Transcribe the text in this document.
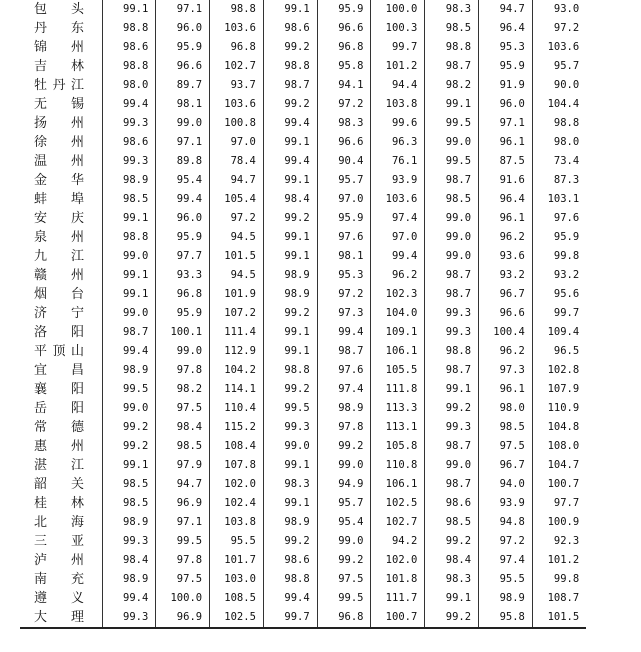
包 头	99.1	97.1	98.8	99.1	95.9	100.0	98.3	94.7	93.0

丹 东	98.8	96.0	103.6	98.6	96.6	100.3	98.5	96.4	97.2

锦 州	98.6	95.9	96.8	99.2	96.8	99.7	98.8	95.3	103.6

吉 林	98.8	96.6	102.7	98.8	95.8	101.2	98.7	95.9	95.7

牡 丹 江	98.0	89.7	93.7	98.7	94.1	94.4	98.2	91.9	90.0

无 锡	99.4	98.1	103.6	99.2	97.2	103.8	99.1	96.0	104.4

扬 州	99.3	99.0	100.8	99.4	98.3	99.6	99.5	97.1	98.8

徐 州	98.6	97.1	97.0	99.1	96.6	96.3	99.0	96.1	98.0

温 州	99.3	89.8	78.4	99.4	90.4	76.1	99.5	87.5	73.4

金 华	98.9	95.4	94.7	99.1	95.7	93.9	98.7	91.6	87.3

蚌 埠	98.5	99.4	105.4	98.4	97.0	103.6	98.5	96.4	103.1

安 庆	99.1	96.0	97.2	99.2	95.9	97.4	99.0	96.1	97.6

泉 州	98.8	95.9	94.5	99.1	97.6	97.0	99.0	96.2	95.9

九 江	99.0	97.7	101.5	99.1	98.1	99.4	99.0	93.6	99.8

赣 州	99.1	93.3	94.5	98.9	95.3	96.2	98.7	93.2	93.2

烟 台	99.1	96.8	101.9	98.9	97.2	102.3	98.7	96.7	95.6

济 宁	99.0	95.9	107.2	99.2	97.3	104.0	99.3	96.6	99.7

洛 阳	98.7	100.1	111.4	99.1	99.4	109.1	99.3	100.4	109.4

平 顶 山	99.4	99.0	112.9	99.1	98.7	106.1	98.8	96.2	96.5

宜 昌	98.9	97.8	104.2	98.8	97.6	105.5	98.7	97.3	102.8

襄 阳	99.5	98.2	114.1	99.2	97.4	111.8	99.1	96.1	107.9

岳 阳	99.0	97.5	110.4	99.5	98.9	113.3	99.2	98.0	110.9

常 德	99.2	98.4	115.2	99.3	97.8	113.1	99.3	98.5	104.8

惠 州	99.2	98.5	108.4	99.0	99.2	105.8	98.7	97.5	108.0

湛 江	99.1	97.9	107.8	99.1	99.0	110.8	99.0	96.7	104.7

韶 关	98.5	94.7	102.0	98.3	94.9	106.1	98.7	94.0	100.7

桂 林	98.5	96.9	102.4	99.1	95.7	102.5	98.6	93.9	97.7

北 海	98.9	97.1	103.8	98.9	95.4	102.7	98.5	94.8	100.9

三 亚	99.3	99.5	95.5	99.2	99.0	94.2	99.2	97.2	92.3

泸 州	98.4	97.8	101.7	98.6	99.2	102.0	98.4	97.4	101.2

南 充	98.9	97.5	103.0	98.8	97.5	101.8	98.3	95.5	99.8

遵 义	99.4	100.0	108.5	99.4	99.5	111.7	99.1	98.9	108.7

大 理	99.3	96.9	102.5	99.7	96.8	100.7	99.2	95.8	101.5
